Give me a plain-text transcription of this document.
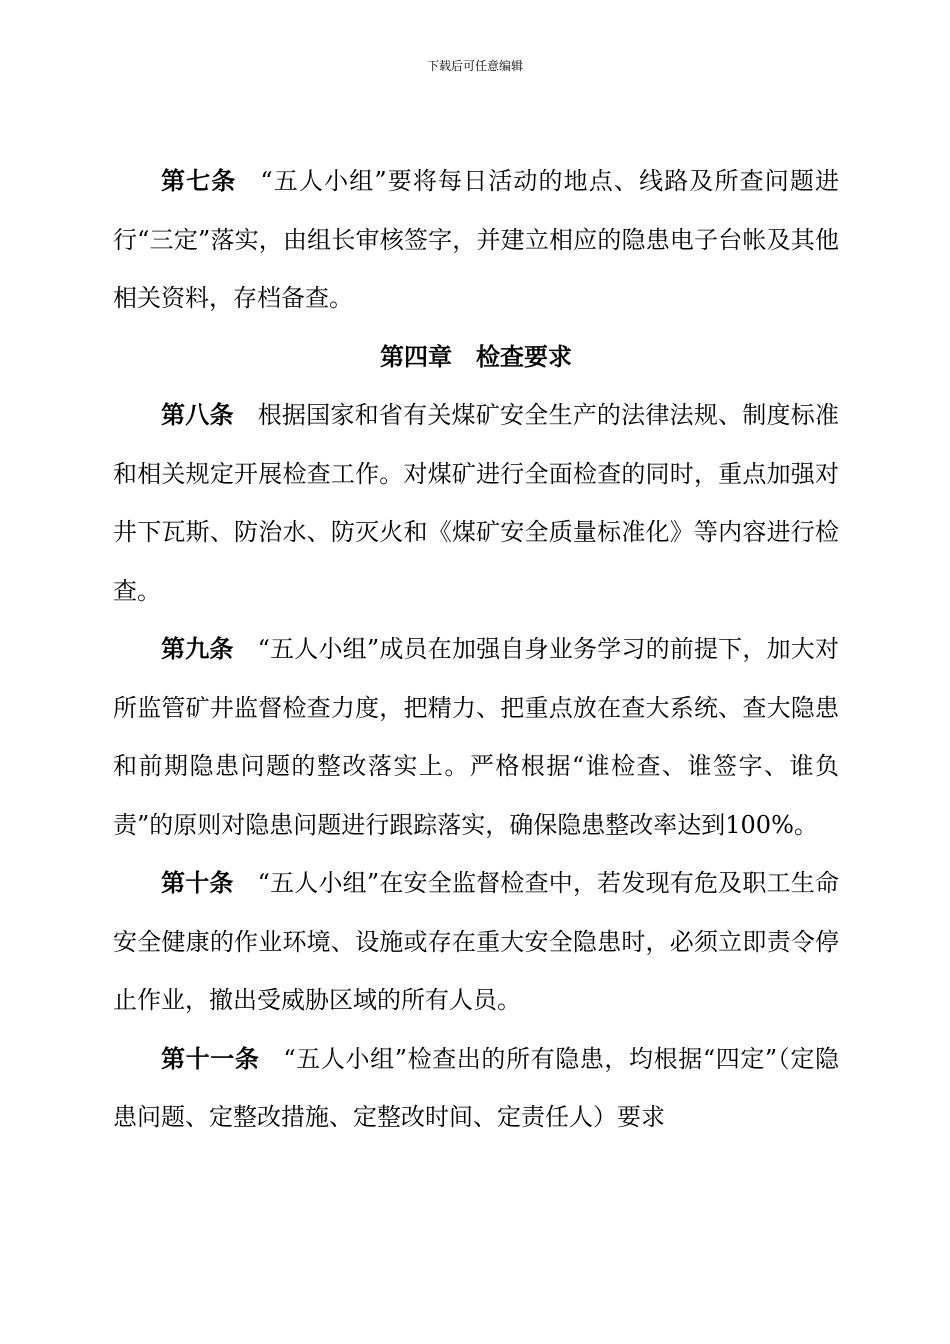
下载后可任意编辑

第七条 “五人小组”要将每日活动的地点、线路及所查问题进行“三定”落实，由组长审核签字，并建立相应的隐患电子台帐及其他相关资料，存档备查。

第四章 检查要求

第八条 根据国家和省有关煤矿安全生产的法律法规、制度标准和相关规定开展检查工作。对煤矿进行全面检查的同时，重点加强对井下瓦斯、防治水、防灭火和《煤矿安全质量标准化》等内容进行检查。

第九条 “五人小组”成员在加强自身业务学习的前提下，加大对所监管矿井监督检查力度，把精力、把重点放在查大系统、查大隐患和前期隐患问题的整改落实上。严格根据“谁检查、谁签字、谁负责”的原则对隐患问题进行跟踪落实，确保隐患整改率达到100%。

第十条 “五人小组”在安全监督检查中，若发现有危及职工生命安全健康的作业环境、设施或存在重大安全隐患时，必须立即责令停止作业，撤出受威胁区域的所有人员。

第十一条 “五人小组”检查出的所有隐患，均根据“四定”（定隐患问题、定整改措施、定整改时间、定责任人）要求
